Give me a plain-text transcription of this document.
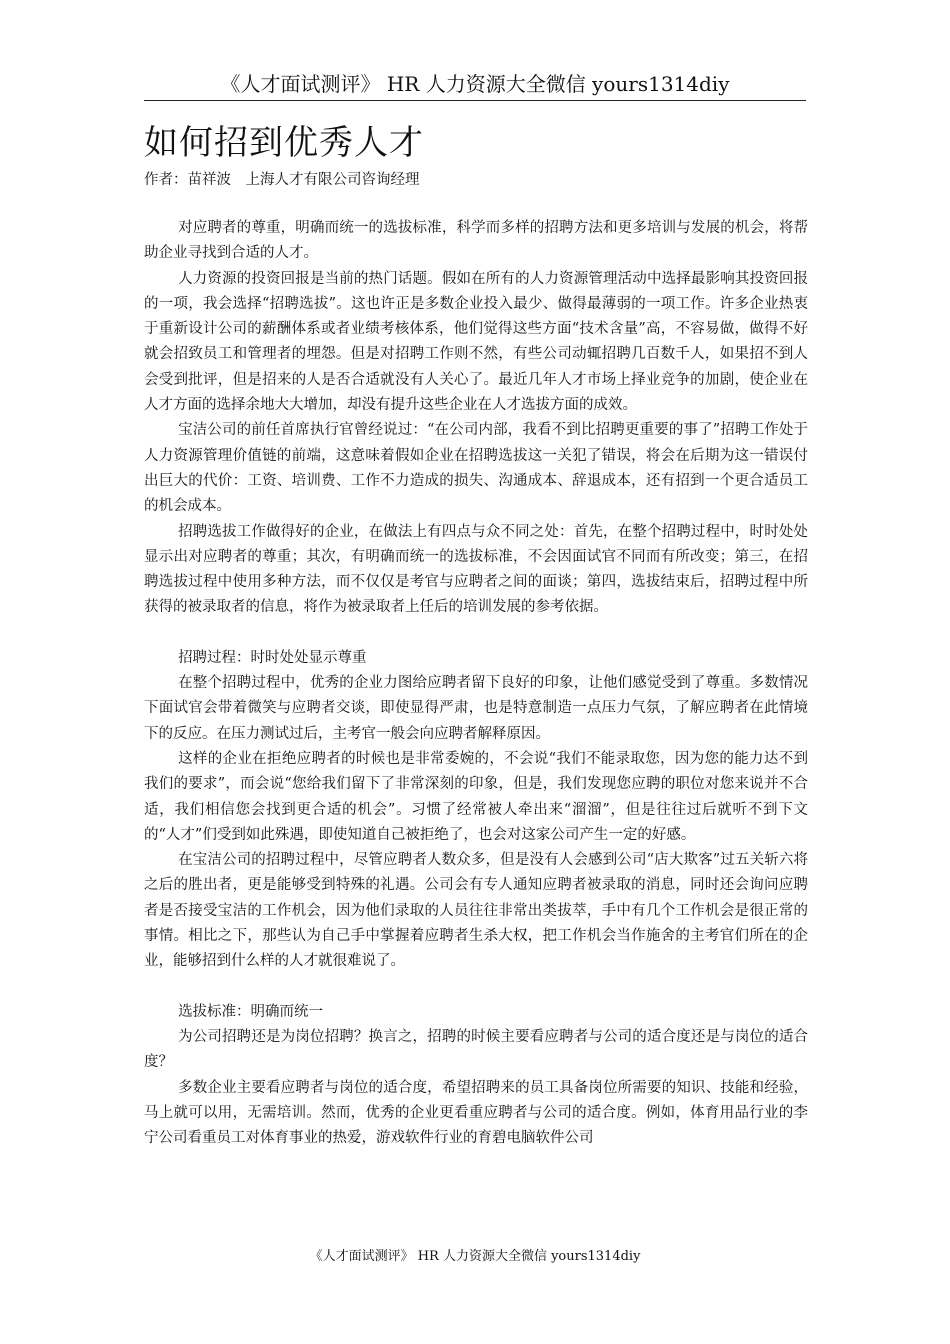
《人才面试测评》 HR 人力资源大全微信 yours1314diy
如何招到优秀人才
作者：苗祥波　上海人才有限公司咨询经理

对应聘者的尊重，明确而统一的选拔标准，科学而多样的招聘方法和更多培训与发展的机会，将帮助企业寻找到合适的人才。

人力资源的投资回报是当前的热门话题。假如在所有的人力资源管理活动中选择最影响其投资回报的一项，我会选择“招聘选拔”。这也许正是多数企业投入最少、做得最薄弱的一项工作。许多企业热衷于重新设计公司的薪酬体系或者业绩考核体系，他们觉得这些方面“技术含量”高，不容易做，做得不好就会招致员工和管理者的埋怨。但是对招聘工作则不然，有些公司动辄招聘几百数千人，如果招不到人会受到批评，但是招来的人是否合适就没有人关心了。最近几年人才市场上择业竞争的加剧，使企业在人才方面的选择余地大大增加，却没有提升这些企业在人才选拔方面的成效。

宝洁公司的前任首席执行官曾经说过：“在公司内部，我看不到比招聘更重要的事了”招聘工作处于人力资源管理价值链的前端，这意味着假如企业在招聘选拔这一关犯了错误，将会在后期为这一错误付出巨大的代价：工资、培训费、工作不力造成的损失、沟通成本、辞退成本，还有招到一个更合适员工的机会成本。

招聘选拔工作做得好的企业，在做法上有四点与众不同之处：首先，在整个招聘过程中，时时处处显示出对应聘者的尊重；其次，有明确而统一的选拔标准，不会因面试官不同而有所改变；第三，在招聘选拔过程中使用多种方法，而不仅仅是考官与应聘者之间的面谈；第四，选拔结束后，招聘过程中所获得的被录取者的信息，将作为被录取者上任后的培训发展的参考依据。

招聘过程：时时处处显示尊重

在整个招聘过程中，优秀的企业力图给应聘者留下良好的印象，让他们感觉受到了尊重。多数情况下面试官会带着微笑与应聘者交谈，即使显得严肃，也是特意制造一点压力气氛，了解应聘者在此情境下的反应。在压力测试过后，主考官一般会向应聘者解释原因。

这样的企业在拒绝应聘者的时候也是非常委婉的，不会说“我们不能录取您，因为您的能力达不到我们的要求”，而会说“您给我们留下了非常深刻的印象，但是，我们发现您应聘的职位对您来说并不合适，我们相信您会找到更合适的机会”。习惯了经常被人牵出来“溜溜”，但是往往过后就听不到下文的“人才”们受到如此殊遇，即使知道自己被拒绝了，也会对这家公司产生一定的好感。

在宝洁公司的招聘过程中，尽管应聘者人数众多，但是没有人会感到公司“店大欺客”过五关斩六将之后的胜出者，更是能够受到特殊的礼遇。公司会有专人通知应聘者被录取的消息，同时还会询问应聘者是否接受宝洁的工作机会，因为他们录取的人员往往非常出类拔萃，手中有几个工作机会是很正常的事情。相比之下，那些认为自己手中掌握着应聘者生杀大权，把工作机会当作施舍的主考官们所在的企业，能够招到什么样的人才就很难说了。

选拔标准：明确而统一

为公司招聘还是为岗位招聘？换言之，招聘的时候主要看应聘者与公司的适合度还是与岗位的适合度？

多数企业主要看应聘者与岗位的适合度，希望招聘来的员工具备岗位所需要的知识、技能和经验，马上就可以用，无需培训。然而，优秀的企业更看重应聘者与公司的适合度。例如，体育用品行业的李宁公司看重员工对体育事业的热爱，游戏软件行业的育碧电脑软件公司

《人才面试测评》 HR 人力资源大全微信 yours1314diy
